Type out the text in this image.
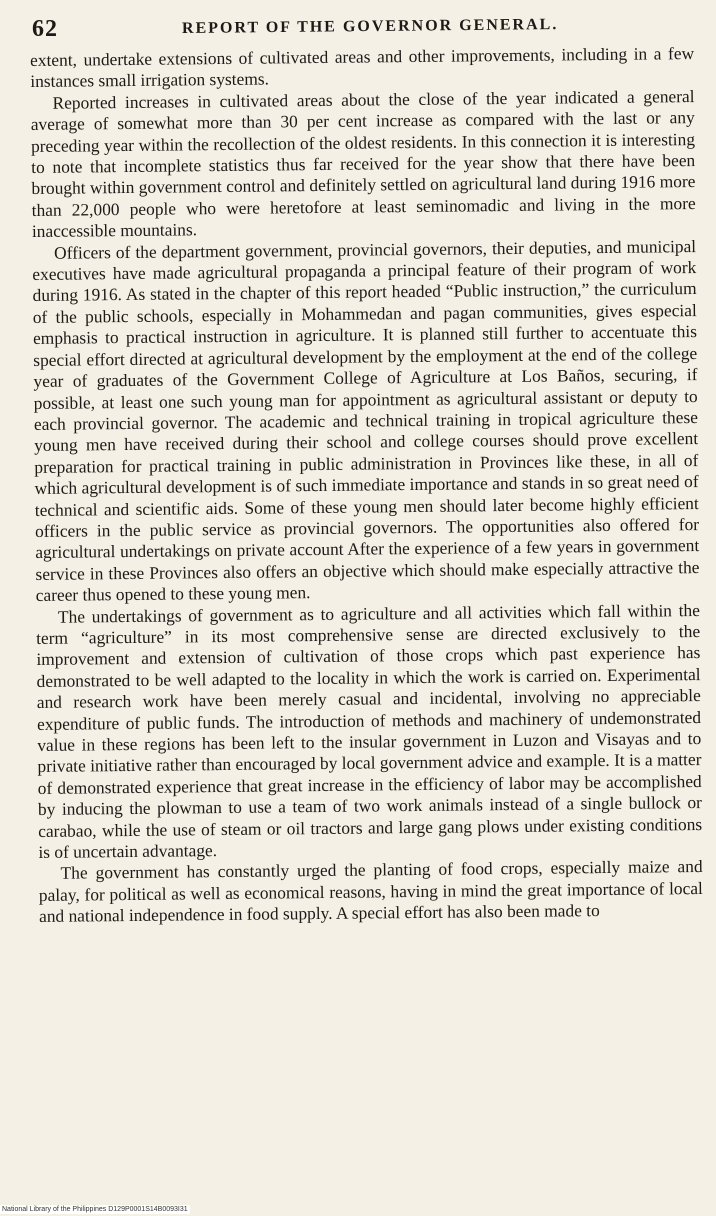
62	REPORT OF THE GOVERNOR GENERAL.

extent, undertake extensions of cultivated areas and other improvements, including in a few instances small irrigation systems.

Reported increases in cultivated areas about the close of the year indicated a general average of somewhat more than 30 per cent increase as compared with the last or any preceding year within the recollection of the oldest residents. In this connection it is interesting to note that incomplete statistics thus far received for the year show that there have been brought within government control and definitely settled on agricultural land during 1916 more than 22,000 people who were heretofore at least seminomadic and living in the more inaccessible mountains.

Officers of the department government, provincial governors, their deputies, and municipal executives have made agricultural propaganda a principal feature of their program of work during 1916. As stated in the chapter of this report headed “Public instruction,” the curriculum of the public schools, especially in Mohammedan and pagan communities, gives especial emphasis to practical instruction in agriculture. It is planned still further to accentuate this special effort directed at agricultural development by the employment at the end of the college year of graduates of the Government College of Agriculture at Los Baños, securing, if possible, at least one such young man for appointment as agricultural assistant or deputy to each provincial governor. The academic and technical training in tropical agriculture these young men have received during their school and college courses should prove excellent preparation for practical training in public administration in Provinces like these, in all of which agricultural development is of such immediate importance and stands in so great need of technical and scientific aids. Some of these young men should later become highly efficient officers in the public service as provincial governors. The opportunities also offered for agricultural undertakings on private account After the experience of a few years in government service in these Provinces also offers an objective which should make especially attractive the career thus opened to these young men.

The undertakings of government as to agriculture and all activities which fall within the term “agriculture” in its most comprehensive sense are directed exclusively to the improvement and extension of cultivation of those crops which past experience has demonstrated to be well adapted to the locality in which the work is carried on. Experimental and research work have been merely casual and incidental, involving no appreciable expenditure of public funds. The introduction of methods and machinery of undemonstrated value in these regions has been left to the insular government in Luzon and Visayas and to private initiative rather than encouraged by local government advice and example. It is a matter of demonstrated experience that great increase in the efficiency of labor may be accomplished by inducing the plowman to use a team of two work animals instead of a single bullock or carabao, while the use of steam or oil tractors and large gang plows under existing conditions is of uncertain advantage.

The government has constantly urged the planting of food crops, especially maize and palay, for political as well as economical reasons, having in mind the great importance of local and national independence in food supply. A special effort has also been made to

National Library of the Philippines D129P0001S14B0093I31
